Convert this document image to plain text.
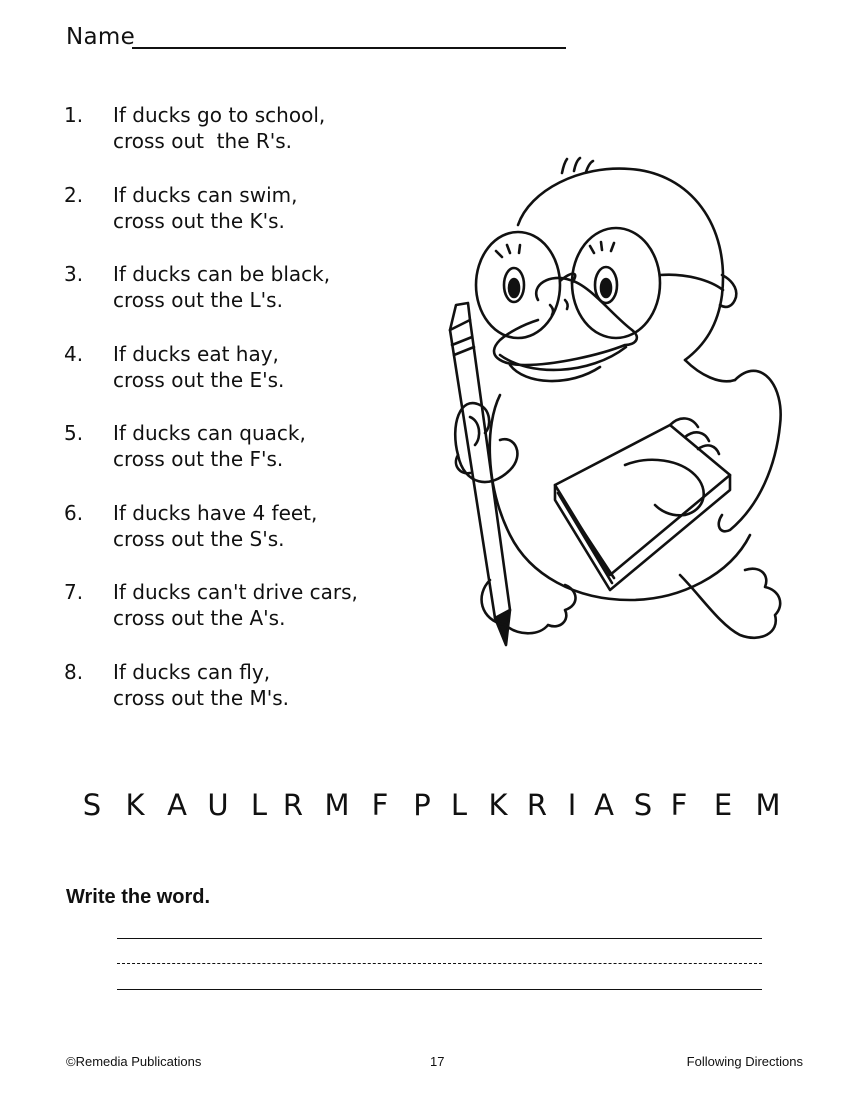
Name
1.	If ducks go to school,
cross out  the R's.
2.	If ducks can swim,
cross out the K's.
3.	If ducks can be black,
cross out the L's.
4.	If ducks eat hay,
cross out the E's.
5.	If ducks can quack,
cross out the F's.
6.	If ducks have 4 feet,
cross out the S's.
7.	If ducks can't drive cars,
cross out the A's.
8.	If ducks can fly,
cross out the M's.
S K A U L R M F P L K R I A S F E M
Write the word.
©Remedia Publications	17	Following Directions
